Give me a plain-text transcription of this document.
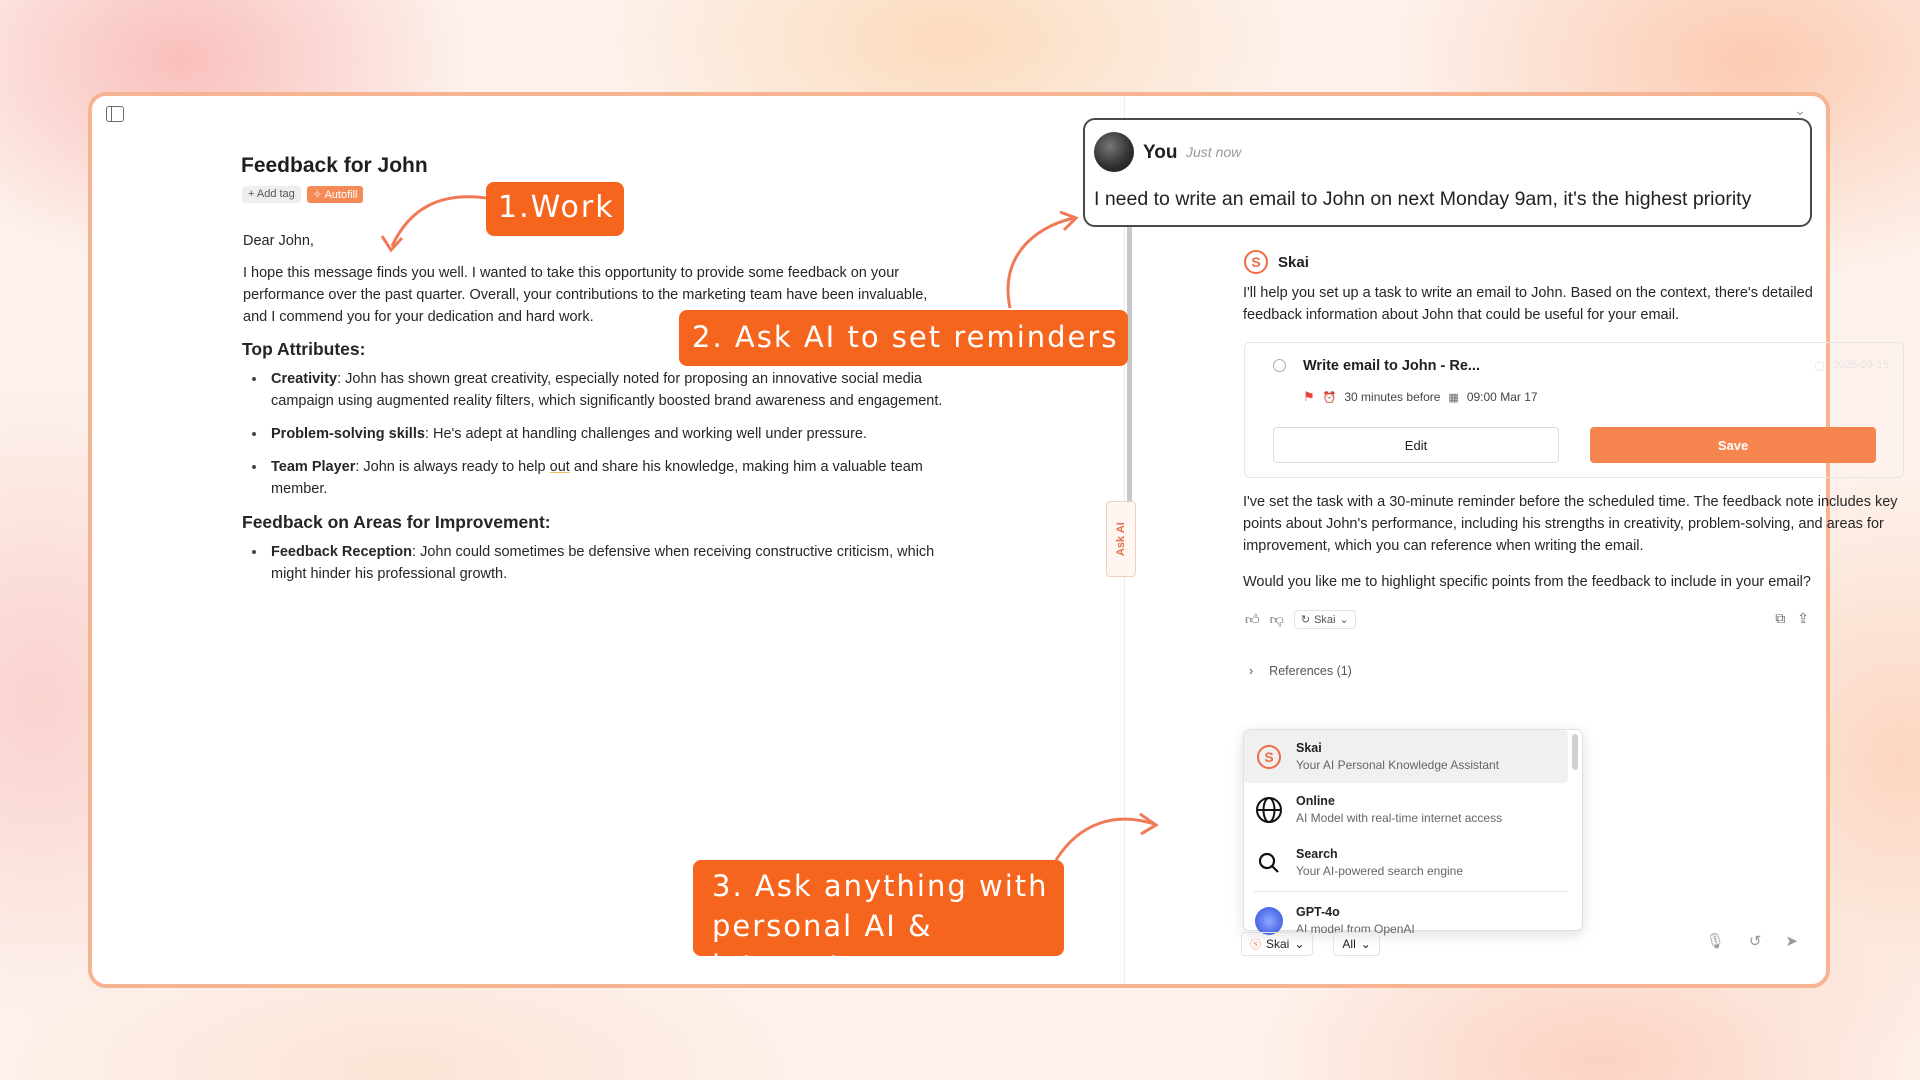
Feedback for John
+ Add tag	✧ Autofill

Dear John,

I hope this message finds you well. I wanted to take this opportunity to provide some feedback on your performance over the past quarter. Overall, your contributions to the marketing team have been invaluable, and I commend you for your dedication and hard work.

Top Attributes:
Creativity: John has shown great creativity, especially noted for proposing an innovative social media campaign using augmented reality filters, which significantly boosted brand awareness and engagement.
Problem-solving skills: He's adept at handling challenges and working well under pressure.
Team Player: John is always ready to help out and share his knowledge, making him a valuable team member.
Feedback on Areas for Improvement:
Feedback Reception: John could sometimes be defensive when receiving constructive criticism, which might hinder his professional growth.
Ask AI
⌄
S	Skai
I'll help you set up a task to write an email to John. Based on the context, there's detailed feedback information about John that could be useful for your email.
Write email to John - Re...	▢ 2025-03-15
⚑ ⏰ 30 minutes before ▦ 09:00 Mar 17
Edit	Save

I've set the task with a 30-minute reminder before the scheduled time. The feedback note includes key points about John's performance, including his strengths in creativity, problem-solving, and areas for improvement, which you can reference when writing the email.

Would you like me to highlight specific points from the feedback to include in your email?

👍︎ 👎︎ ↻ Skai ⌄	⧉ ⇪
› References (1)
S
Skai
Your AI Personal Knowledge Assistant
Online
AI Model with real-time internet access
Search
Your AI-powered search engine
GPT-4o
AI model from OpenAI
ⓢ Skai ⌄	All ⌄	🎙︎ ↺ ➤
You
I need to write an email to John on next Monday 9am, it's the highest priority
Just now
1.Work
2. Ask AI to set reminders
3. Ask anything with
personal AI & internet
